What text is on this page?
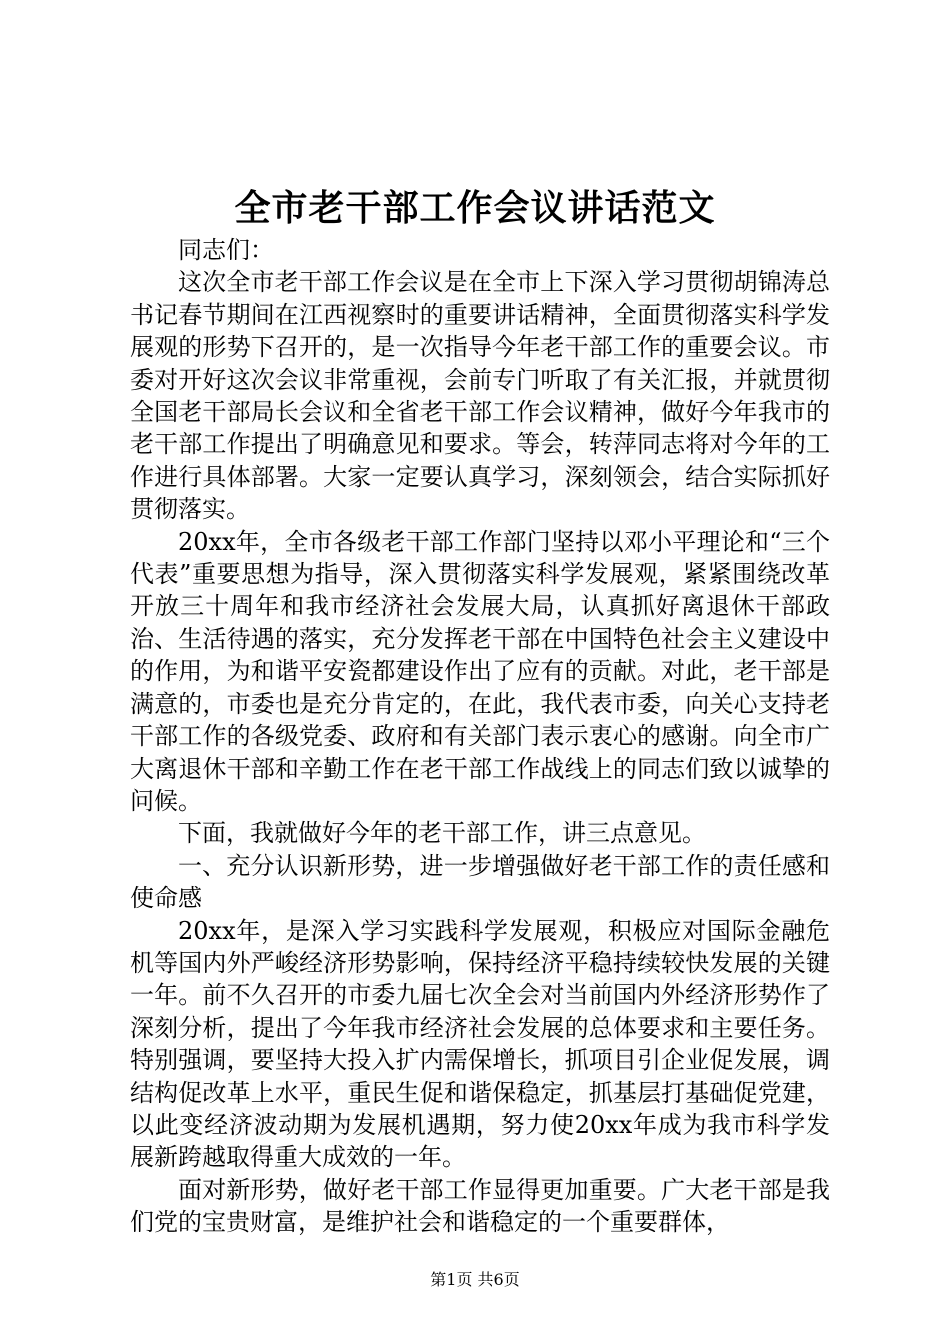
全市老干部工作会议讲话范文

同志们：

这次全市老干部工作会议是在全市上下深入学习贯彻胡锦涛总书记春节期间在江西视察时的重要讲话精神，全面贯彻落实科学发展观的形势下召开的，是一次指导今年老干部工作的重要会议。市委对开好这次会议非常重视，会前专门听取了有关汇报，并就贯彻全国老干部局长会议和全省老干部工作会议精神，做好今年我市的老干部工作提出了明确意见和要求。等会，转萍同志将对今年的工作进行具体部署。大家一定要认真学习，深刻领会，结合实际抓好贯彻落实。

20xx年，全市各级老干部工作部门坚持以邓小平理论和“三个代表”重要思想为指导，深入贯彻落实科学发展观，紧紧围绕改革开放三十周年和我市经济社会发展大局，认真抓好离退休干部政治、生活待遇的落实，充分发挥老干部在中国特色社会主义建设中的作用，为和谐平安瓷都建设作出了应有的贡献。对此，老干部是满意的，市委也是充分肯定的，在此，我代表市委，向关心支持老干部工作的各级党委、政府和有关部门表示衷心的感谢。向全市广大离退休干部和辛勤工作在老干部工作战线上的同志们致以诚挚的问候。

下面，我就做好今年的老干部工作，讲三点意见。

一、充分认识新形势，进一步增强做好老干部工作的责任感和使命感

20xx年，是深入学习实践科学发展观，积极应对国际金融危机等国内外严峻经济形势影响，保持经济平稳持续较快发展的关键一年。前不久召开的市委九届七次全会对当前国内外经济形势作了深刻分析，提出了今年我市经济社会发展的总体要求和主要任务。特别强调，要坚持大投入扩内需保增长，抓项目引企业促发展，调结构促改革上水平，重民生促和谐保稳定，抓基层打基础促党建，以此变经济波动期为发展机遇期，努力使20xx年成为我市科学发展新跨越取得重大成效的一年。

面对新形势，做好老干部工作显得更加重要。广大老干部是我们党的宝贵财富，是维护社会和谐稳定的一个重要群体，

第1页 共6页
